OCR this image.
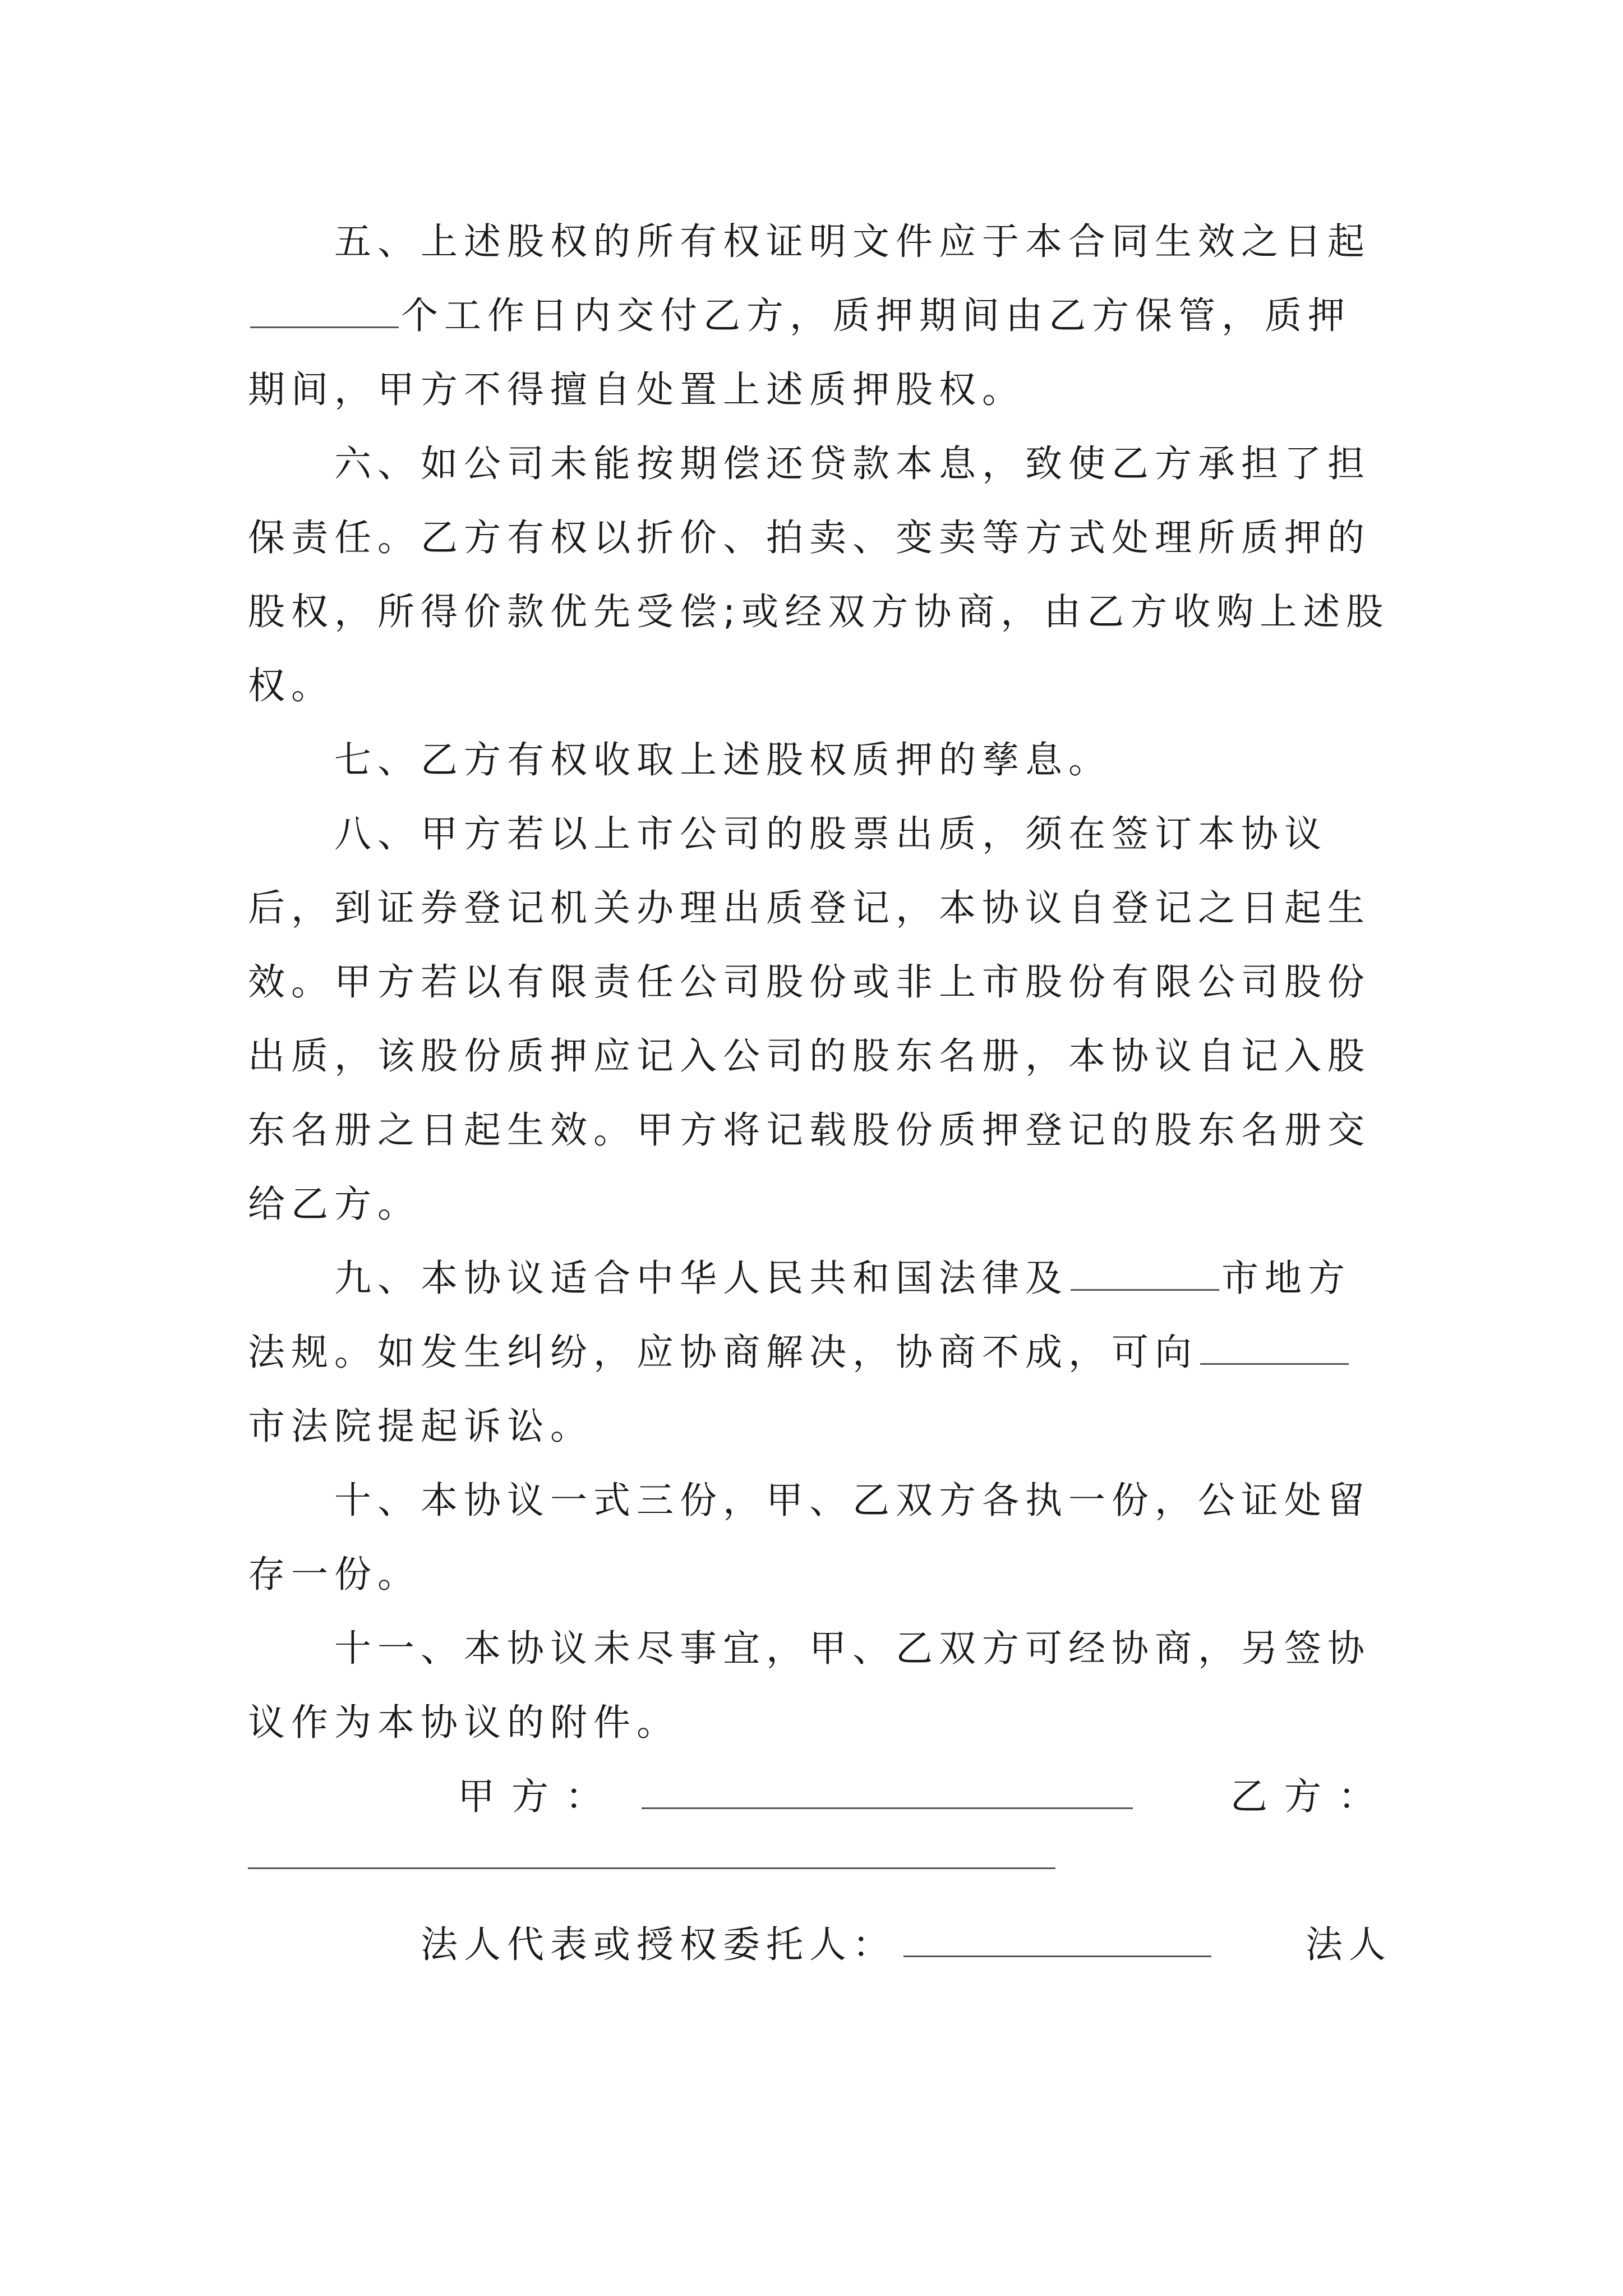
五、上述股权的所有权证明文件应于本合同生效之日起个工作日内交付乙方，质押期间由乙方保管，质押期间，甲方不得擅自处置上述质押股权。

六、如公司未能按期偿还贷款本息，致使乙方承担了担保责任。乙方有权以折价、拍卖、变卖等方式处理所质押的股权，所得价款优先受偿;或经双方协商，由乙方收购上述股权。

七、乙方有权收取上述股权质押的孳息。

八、甲方若以上市公司的股票出质，须在签订本协议后，到证券登记机关办理出质登记，本协议自登记之日起生效。甲方若以有限责任公司股份或非上市股份有限公司股份出质，该股份质押应记入公司的股东名册，本协议自记入股东名册之日起生效。甲方将记载股份质押登记的股东名册交给乙方。

九、本协议适合中华人民共和国法律及	市地方法规。如发生纠纷，应协商解决，协商不成，可向市法院提起诉讼。

十、本协议一式三份，甲、乙双方各执一份，公证处留存一份。

十一、本协议未尽事宜，甲、乙双方可经协商，另签协议作为本协议的附件。

甲方：	乙方：

法人代表或授权委托人：	法人
